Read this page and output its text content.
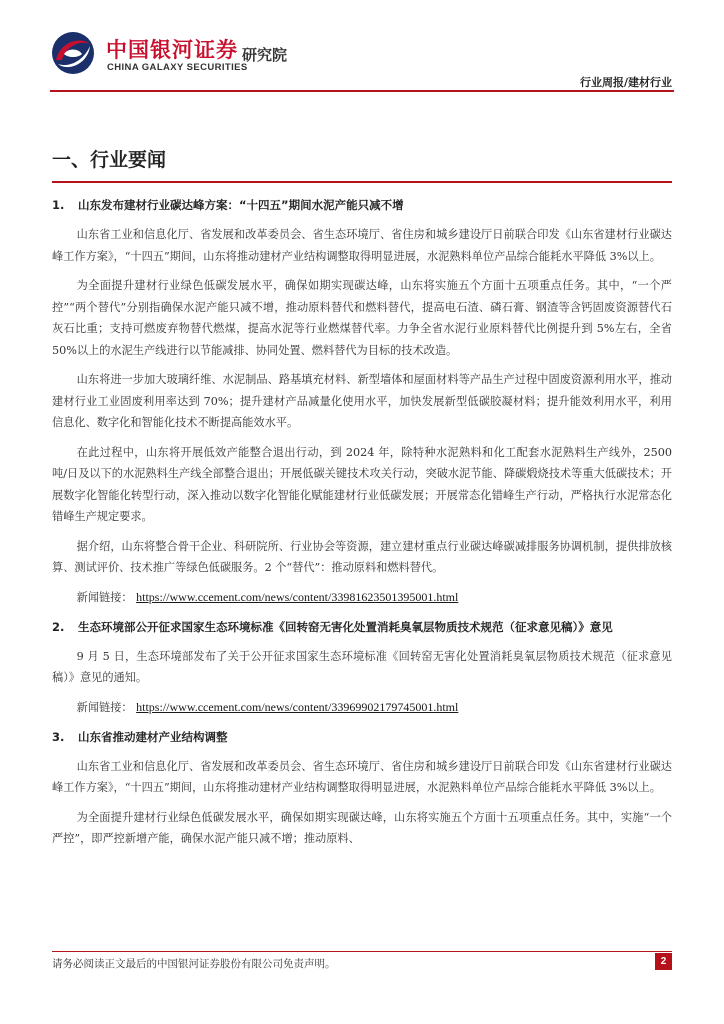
中国银河证券
CHINA GALAXY SECURITIES
研究院
行业周报/建材行业
一、行业要闻
1.	山东发布建材行业碳达峰方案：“十四五”期间水泥产能只减不增

山东省工业和信息化厅、省发展和改革委员会、省生态环境厅、省住房和城乡建设厅日前联合印发《山东省建材行业碳达峰工作方案》，“十四五”期间，山东将推动建材产业结构调整取得明显进展，水泥熟料单位产品综合能耗水平降低 3%以上。

为全面提升建材行业绿色低碳发展水平，确保如期实现碳达峰，山东将实施五个方面十五项重点任务。其中，“一个严控”“两个替代”分别指确保水泥产能只减不增，推动原料替代和燃料替代，提高电石渣、磷石膏、钢渣等含钙固废资源替代石灰石比重；支持可燃废弃物替代燃煤，提高水泥等行业燃煤替代率。力争全省水泥行业原料替代比例提升到 5%左右，全省 50%以上的水泥生产线进行以节能减排、协同处置、燃料替代为目标的技术改造。

山东将进一步加大玻璃纤维、水泥制品、路基填充材料、新型墙体和屋面材料等产品生产过程中固废资源利用水平，推动建材行业工业固废利用率达到 70%；提升建材产品减量化使用水平，加快发展新型低碳胶凝材料；提升能效利用水平，利用信息化、数字化和智能化技术不断提高能效水平。

在此过程中，山东将开展低效产能整合退出行动，到 2024 年，除特种水泥熟料和化工配套水泥熟料生产线外，2500 吨/日及以下的水泥熟料生产线全部整合退出；开展低碳关键技术攻关行动，突破水泥节能、降碳煅烧技术等重大低碳技术；开展数字化智能化转型行动，深入推动以数字化智能化赋能建材行业低碳发展；开展常态化错峰生产行动，严格执行水泥常态化错峰生产规定要求。

据介绍，山东将整合骨干企业、科研院所、行业协会等资源，建立建材重点行业碳达峰碳减排服务协调机制，提供排放核算、测试评价、技术推广等绿色低碳服务。2 个“替代”：推动原料和燃料替代。

新闻链接： https://www.ccement.com/news/content/33981623501395001.html
2.	生态环境部公开征求国家生态环境标准《回转窑无害化处置消耗臭氧层物质技术规范（征求意见稿）》意见

9 月 5 日，生态环境部发布了关于公开征求国家生态环境标准《回转窑无害化处置消耗臭氧层物质技术规范（征求意见稿）》意见的通知。

新闻链接： https://www.ccement.com/news/content/33969902179745001.html
3.	山东省推动建材产业结构调整

山东省工业和信息化厅、省发展和改革委员会、省生态环境厅、省住房和城乡建设厅日前联合印发《山东省建材行业碳达峰工作方案》，“十四五”期间，山东将推动建材产业结构调整取得明显进展，水泥熟料单位产品综合能耗水平降低 3%以上。

为全面提升建材行业绿色低碳发展水平，确保如期实现碳达峰，山东将实施五个方面十五项重点任务。其中，实施“一个严控”，即严控新增产能，确保水泥产能只减不增；推动原料、

请务必阅读正文最后的中国银河证券股份有限公司免责声明。	2
